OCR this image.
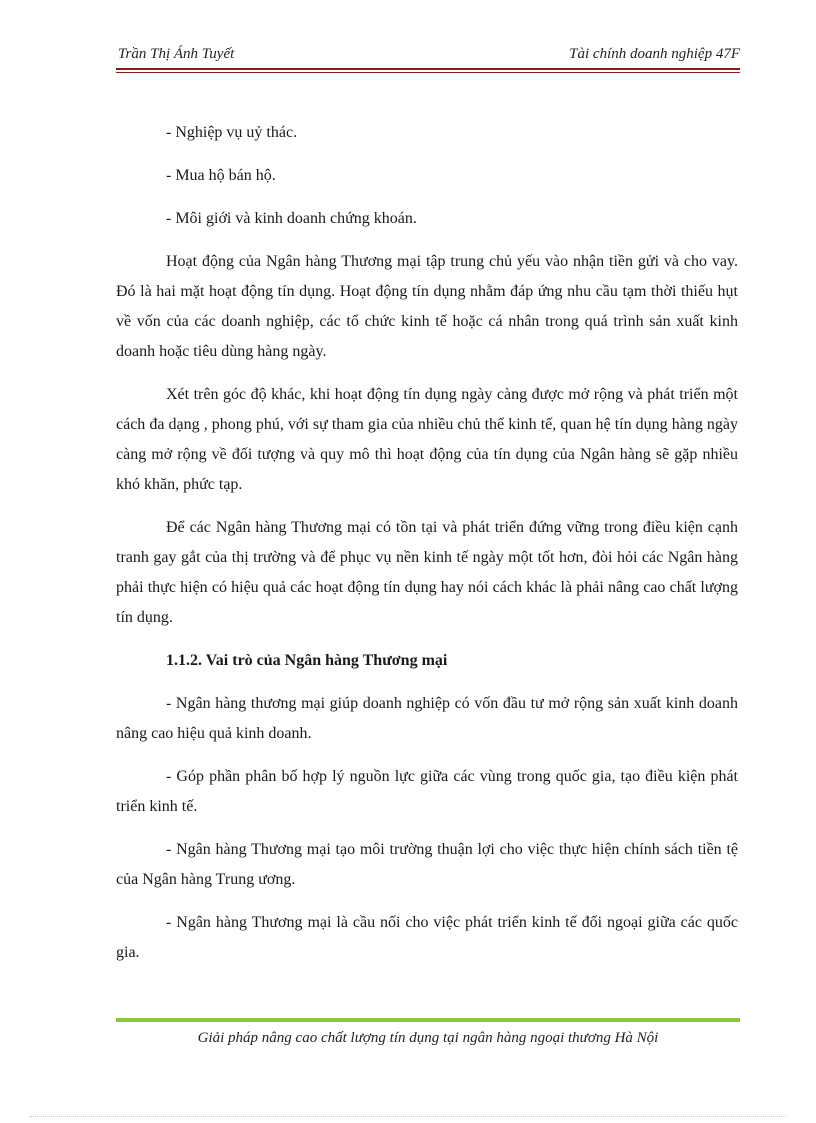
Trần Thị Ánh Tuyết	Tài chính doanh nghiệp 47F

- Nghiệp vụ uỷ thác.

- Mua hộ bán hộ.

- Môi giới và kinh doanh chứng khoán.

Hoạt động của Ngân hàng Thương mại tập trung chủ yếu vào nhận tiền gửi và cho vay. Đó là hai mặt hoạt động tín dụng. Hoạt động tín dụng nhằm đáp ứng nhu cầu tạm thời thiếu hụt về vốn của các doanh nghiệp, các tổ chức kinh tế hoặc cá nhân trong quá trình sản xuất kinh doanh hoặc tiêu dùng hàng ngày.

Xét trên góc độ khác, khi hoạt động tín dụng ngày càng được mở rộng và phát triển một cách đa dạng , phong phú, với sự tham gia của nhiều chủ thể kinh tế, quan hệ tín dụng hàng ngày càng mở rộng về đối tượng và quy mô thì hoạt động của tín dụng của Ngân hàng sẽ gặp nhiều khó khăn, phức tạp.

Để các Ngân hàng Thương mại có tồn tại và phát triển đứng vững trong điều kiện cạnh tranh gay gắt của thị trường và để phục vụ nền kinh tế ngày một tốt hơn, đòi hỏi các Ngân hàng phải thực hiện có hiệu quả các hoạt động tín dụng hay nói cách khác là phải nâng cao chất lượng tín dụng.

1.1.2. Vai trò của Ngân hàng Thương mại

- Ngân hàng thương mại giúp doanh nghiệp có vốn đầu tư mở rộng sản xuất kinh doanh nâng cao hiệu quả kinh doanh.

- Góp phần phân bố hợp lý nguồn lực giữa các vùng trong quốc gia, tạo điều kiện phát triển kinh tế.

- Ngân hàng Thương mại tạo môi trường thuận lợi cho việc thực hiện chính sách tiền tệ của Ngân hàng Trung ương.

- Ngân hàng Thương mại là cầu nối cho việc phát triển kinh tế đối ngoại giữa các quốc gia.

Giải pháp nâng cao chất lượng tín dụng tại ngân hàng ngoại thương Hà Nội
